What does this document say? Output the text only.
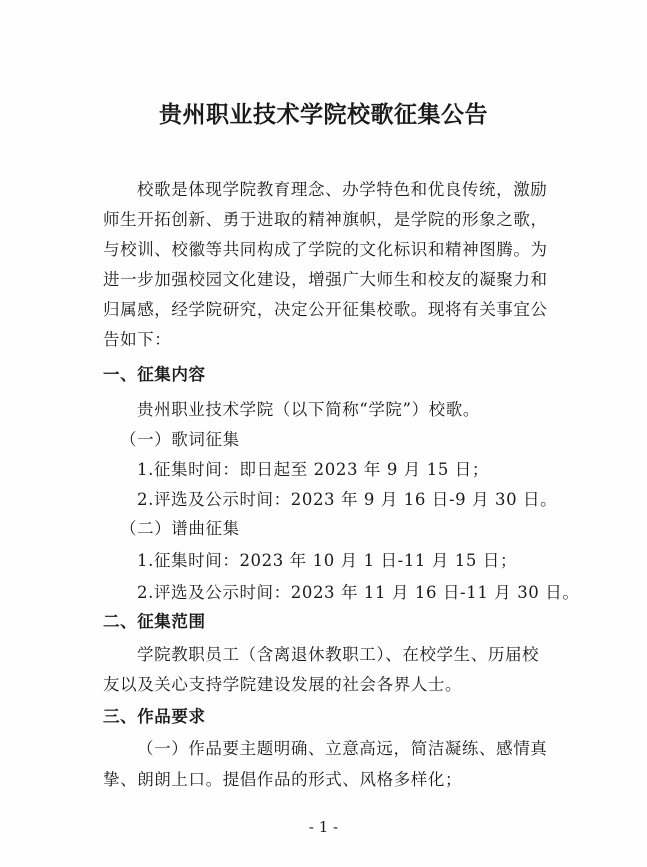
贵州职业技术学院校歌征集公告
校歌是体现学院教育理念、办学特色和优良传统，激励
师生开拓创新、勇于进取的精神旗帜，是学院的形象之歌，
与校训、校徽等共同构成了学院的文化标识和精神图腾。为
进一步加强校园文化建设，增强广大师生和校友的凝聚力和
归属感，经学院研究，决定公开征集校歌。现将有关事宜公
告如下：
一、征集内容
贵州职业技术学院（以下简称“学院”）校歌。
（一）歌词征集
1.征集时间：即日起至 2023 年 9 月 15 日；
2.评选及公示时间：2023 年 9 月 16 日-9 月 30 日。
（二）谱曲征集
1.征集时间：2023 年 10 月 1 日-11 月 15 日；
2.评选及公示时间：2023 年 11 月 16 日-11 月 30 日。
二、征集范围
学院教职员工（含离退休教职工）、在校学生、历届校
友以及关心支持学院建设发展的社会各界人士。
三、作品要求
（一）作品要主题明确、立意高远，简洁凝练、感情真
挚、朗朗上口。提倡作品的形式、风格多样化；
- 1 -
